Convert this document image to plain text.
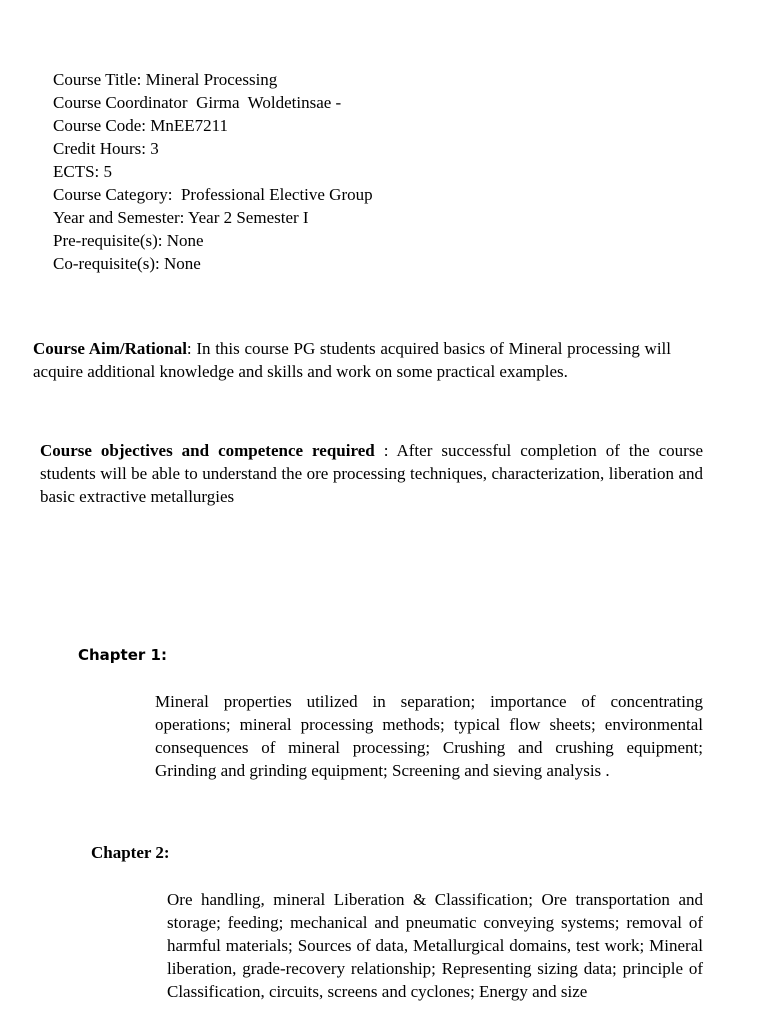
Course Title: Mineral Processing
Course Coordinator  Girma  Woldetinsae -
Course Code: MnEE7211
Credit Hours: 3
ECTS: 5
Course Category:  Professional Elective Group
Year and Semester: Year 2 Semester I
Pre-requisite(s): None
Co-requisite(s): None

Course Aim/Rational: In this course PG students acquired basics of Mineral processing will acquire additional knowledge and skills and work on some practical examples.

Course objectives and competence required : After successful completion of the course students will be able to understand the ore processing techniques, characterization, liberation and basic extractive metallurgies

Chapter 1:

Mineral properties utilized in separation; importance of concentrating operations; mineral processing methods; typical flow sheets; environmental consequences of mineral processing; Crushing and crushing equipment; Grinding and grinding equipment; Screening and sieving analysis .

Chapter 2:

Ore handling, mineral Liberation & Classification; Ore transportation and storage; feeding; mechanical and pneumatic conveying systems; removal of harmful materials; Sources of data, Metallurgical domains, test work; Mineral liberation, grade-recovery relationship; Representing sizing data; principle of Classification, circuits, screens and cyclones; Energy and size
